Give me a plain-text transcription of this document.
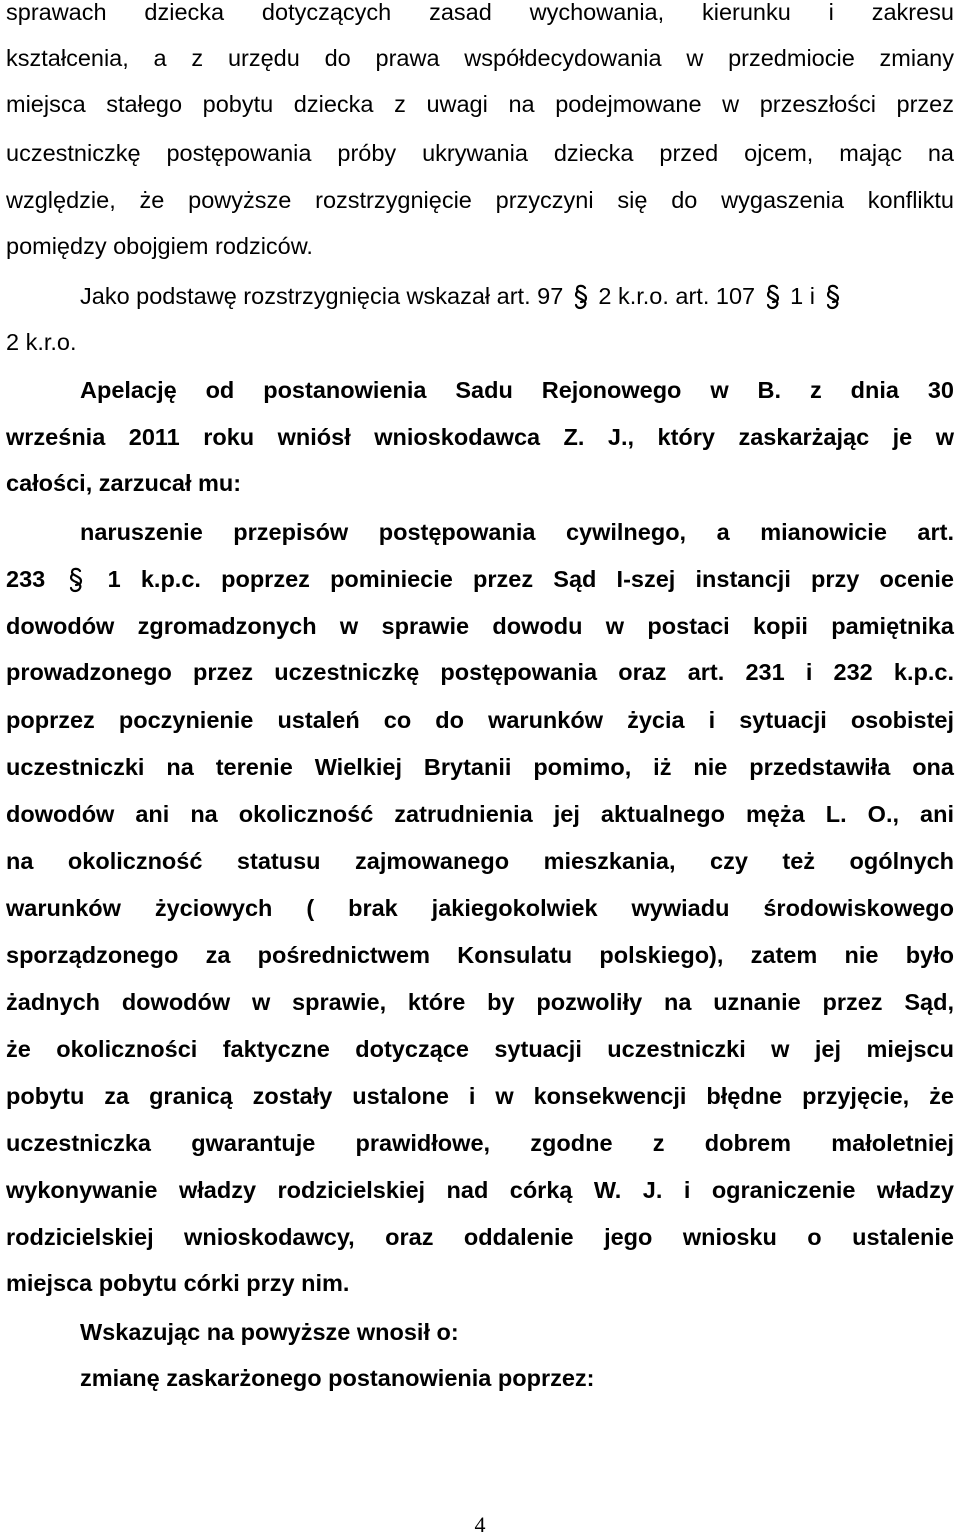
sprawach dziecka dotyczących zasad wychowania, kierunku i zakresu

kształcenia, a z urzędu do prawa współdecydowania w przedmiocie zmiany

miejsca stałego pobytu dziecka z uwagi na podejmowane w przeszłości przez

uczestniczkę postępowania próby ukrywania dziecka przed ojcem, mając na

względzie, że powyższe rozstrzygnięcie przyczyni się do wygaszenia konfliktu

pomiędzy obojgiem rodziców.

Jako podstawę rozstrzygnięcia wskazał art. 97 2 k.r.o. art. 107 1 i

2 k.r.o.

Apelację od postanowienia Sadu Rejonowego w B. z dnia 30

września 2011 roku wniósł wnioskodawca Z. J., który zaskarżając je w

całości, zarzucał mu:

naruszenie przepisów postępowania cywilnego, a mianowicie art.

233	1 k.p.c. poprzez pominiecie przez Sąd I-szej instancji przy ocenie

dowodów zgromadzonych w sprawie dowodu w postaci kopii pamiętnika

prowadzonego przez uczestniczkę postępowania oraz art. 231 i 232 k.p.c.

poprzez poczynienie ustaleń co do warunków życia i sytuacji osobistej

uczestniczki na terenie Wielkiej Brytanii pomimo, iż nie przedstawiła ona

dowodów ani na okoliczność zatrudnienia jej aktualnego męża L. O., ani

na okoliczność statusu zajmowanego mieszkania, czy też ogólnych

warunków życiowych ( brak jakiegokolwiek wywiadu środowiskowego

sporządzonego za pośrednictwem Konsulatu polskiego), zatem nie było

żadnych dowodów w sprawie, które by pozwoliły na uznanie przez Sąd,

że okoliczności faktyczne dotyczące sytuacji uczestniczki w jej miejscu

pobytu za granicą zostały ustalone i w konsekwencji błędne przyjęcie, że

uczestniczka gwarantuje prawidłowe, zgodne z dobrem małoletniej

wykonywanie władzy rodzicielskiej nad córką W. J. i ograniczenie władzy

rodzicielskiej wnioskodawcy, oraz oddalenie jego wniosku o ustalenie

miejsca pobytu córki przy nim.

Wskazując na powyższe wnosił o:

zmianę zaskarżonego postanowienia poprzez:

4
